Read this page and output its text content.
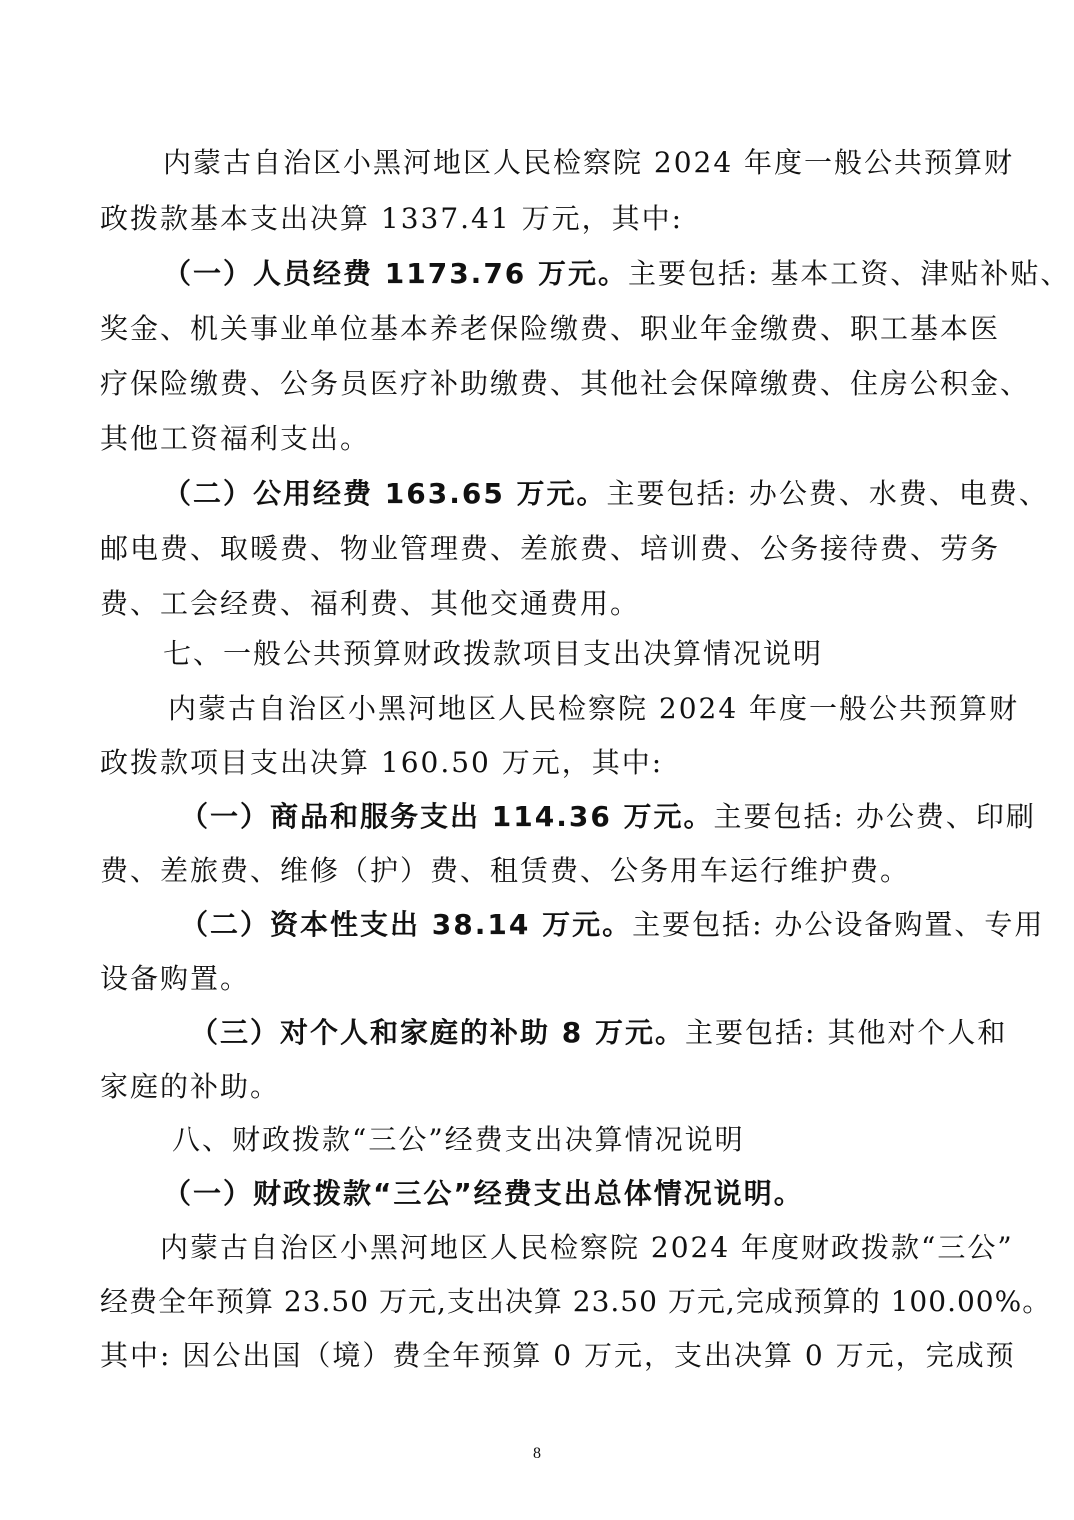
内蒙古自治区小黑河地区人民检察院 2024 年度一般公共预算财
政拨款基本支出决算 1337.41 万元，其中:
（一）人员经费 1173.76 万元。 主要包括: 基本工资、津贴补贴、
奖金、机关事业单位基本养老保险缴费、职业年金缴费、职工基本医
疗保险缴费、公务员医疗补助缴费、其他社会保障缴费、住房公积金、
其他工资福利支出。
（二）公用经费 163.65 万元。 主要包括: 办公费、水费、电费、
邮电费、取暖费、物业管理费、差旅费、培训费、公务接待费、劳务
费、工会经费、福利费、其他交通费用。
七、一般公共预算财政拨款项目支出决算情况说明
内蒙古自治区小黑河地区人民检察院 2024 年度一般公共预算财
政拨款项目支出决算 160.50 万元，其中:
（一）商品和服务支出 114.36 万元。 主要包括: 办公费、印刷
费、差旅费、维修（护）费、租赁费、公务用车运行维护费。
（二）资本性支出 38.14 万元。 主要包括: 办公设备购置、专用
设备购置。
（三）对个人和家庭的补助 8 万元。 主要包括: 其他对个人和
家庭的补助。
八、财政拨款“三公”经费支出决算情况说明
（一）财政拨款“三公”经费支出总体情况说明。
内蒙古自治区小黑河地区人民检察院 2024 年度财政拨款“三公”
经费全年预算 23.50 万元,支出决算 23.50 万元,完成预算的 100.00%。
其中: 因公出国（境）费全年预算 0 万元，支出决算 0 万元，完成预
8
